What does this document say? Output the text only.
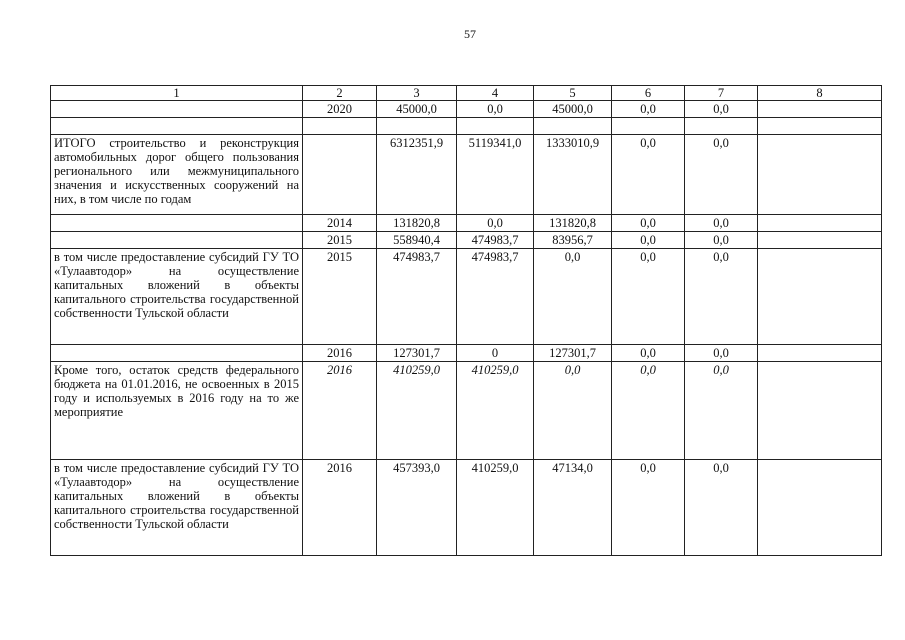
57
1	2	3	4	5	6	7	8
	2020	45000,0	0,0	45000,0	0,0	0,0	

ИТОГО строительство и реконструкция автомобильных дорог общего пользования регионального или межмуниципального значения и искусственных сооружений на них, в том числе по годам		6312351,9	5119341,0	1333010,9	0,0	0,0	
	2014	131820,8	0,0	131820,8	0,0	0,0	
	2015	558940,4	474983,7	83956,7	0,0	0,0	
в том числе предоставление субсидий ГУ ТО «Тулаавтодор» на осуществление капитальных вложений в объекты капитального строительства государственной собственности Тульской области	2015	474983,7	474983,7	0,0	0,0	0,0	
	2016	127301,7	0	127301,7	0,0	0,0	
Кроме того, остаток средств федерального бюджета на 01.01.2016, не освоенных в 2015 году и используемых в 2016 году на то же мероприятие	2016	410259,0	410259,0	0,0	0,0	0,0	
в том числе предоставление субсидий ГУ ТО «Тулаавтодор» на осуществление капитальных вложений в объекты капитального строительства государственной собственности Тульской области	2016	457393,0	410259,0	47134,0	0,0	0,0	
